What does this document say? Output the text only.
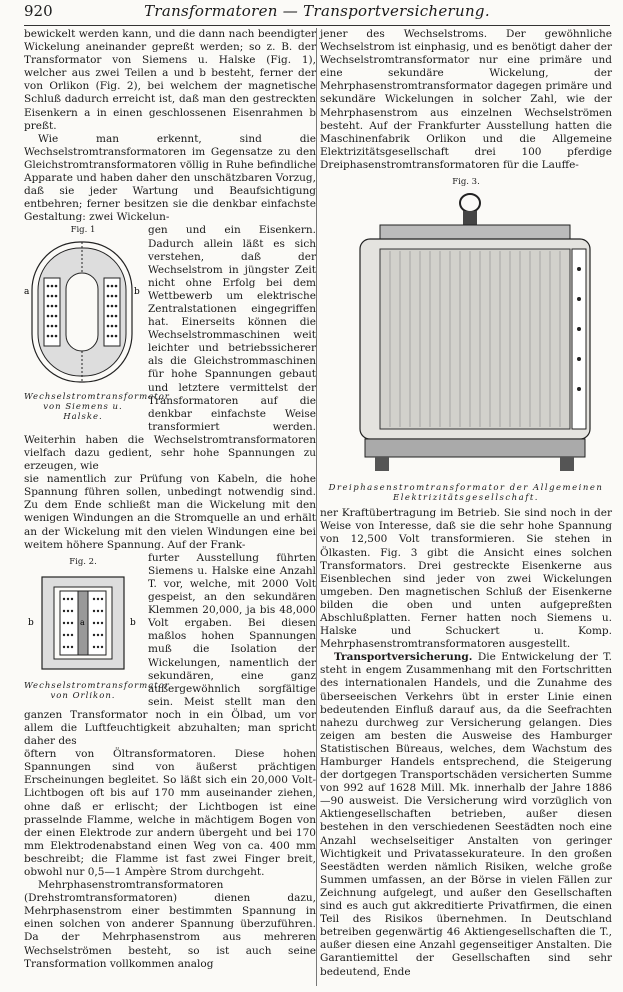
920	Transformatoren — Transportversicherung.

bewickelt werden kann, und die dann nach beendigter Wickelung aneinander gepreßt werden; so z. B. der Transformator von Siemens u. Halske (Fig. 1), welcher aus zwei Teilen a und b besteht, ferner der von Orlikon (Fig. 2), bei welchem der magnetische Schluß dadurch erreicht ist, daß man den gestreckten Eisenkern a in einen geschlossenen Eisenrahmen b preßt.

Wie man erkennt, sind die Wechselstromtransformatoren im Gegensatze zu den Gleichstromtransformatoren völlig in Ruhe befindliche Apparate und haben daher den unschätzbaren Vorzug, daß sie jeder Wartung und Beaufsichtigung entbehren; ferner besitzen sie die denkbar einfachste Gestaltung: zwei Wickelun-

Fig. 1
a	b
Wechselstromtransformator von Siemens u. Halske.

gen und ein Eisenkern. Dadurch allein läßt es sich verstehen, daß der Wechselstrom in jüngster Zeit nicht ohne Erfolg bei dem Wettbewerb um elektrische Zentralstationen eingegriffen hat. Einerseits können die Wechselstrommaschinen weit leichter und betriebssicherer als die Gleichstrommaschinen für hohe Spannungen gebaut und letztere vermittelst der Transformatoren auf die denkbar einfachste Weise transformiert werden. Weiterhin haben die Wechselstromtransformatoren vielfach dazu gedient, sehr hohe Spannungen zu erzeugen, wie

sie namentlich zur Prüfung von Kabeln, die hohe Spannung führen sollen, unbedingt notwendig sind. Zu dem Ende schließt man die Wickelung mit den wenigen Windungen an die Stromquelle an und erhält an der Wickelung mit den vielen Windungen eine bei weitem höhere Spannung. Auf der Frank-

Fig. 2.
a
b	b
Wechselstromtransformator von Orlikon.

furter Ausstellung führten Siemens u. Halske eine Anzahl T. vor, welche, mit 2000 Volt gespeist, an den sekundären Klemmen 20,000, ja bis 48,000 Volt ergaben. Bei diesen maßlos hohen Spannungen muß die Isolation der Wickelungen, namentlich der sekundären, eine ganz außergewöhnlich sorgfältige sein. Meist stellt man den ganzen Transformator noch in ein Ölbad, um vor allem die Luftfeuchtigkeit abzuhalten; man spricht daher des

öftern von Öltransformatoren. Diese hohen Spannungen sind von äußerst prächtigen Erscheinungen begleitet. So läßt sich ein 20,000 Volt-Lichtbogen oft bis auf 170 mm auseinander ziehen, ohne daß er erlischt; der Lichtbogen ist eine prasselnde Flamme, welche in mächtigem Bogen von der einen Elektrode zur andern übergeht und bei 170 mm Elektrodenabstand einen Weg von ca. 400 mm beschreibt; die Flamme ist fast zwei Finger breit, obwohl nur 0,5—1 Ampère Strom durchgeht.

Mehrphasenstromtransformatoren (Drehstromtransformatoren) dienen dazu, Mehrphasenstrom einer bestimmten Spannung in einen solchen von anderer Spannung überzuführen. Da der Mehrphasenstrom aus mehreren Wechselströmen besteht, so ist auch seine Transformation vollkommen analog

jener des Wechselstroms. Der gewöhnliche Wechselstrom ist einphasig, und es benötigt daher der Wechselstromtransformator nur eine primäre und eine sekundäre Wickelung, der Mehrphasenstromtransformator dagegen primäre und sekundäre Wickelungen in solcher Zahl, wie der Mehrphasenstrom aus einzelnen Wechselströmen besteht. Auf der Frankfurter Ausstellung hatten die Maschinenfabrik Orlikon und die Allgemeine Elektrizitätsgesellschaft drei 100 pferdige Dreiphasenstromtransformatoren für die Lauffe-

Fig. 3.
Dreiphasenstromtransformator der Allgemeinen Elektrizitätsgesellschaft.

ner Kraftübertragung im Betrieb. Sie sind noch in der Weise von Interesse, daß sie die sehr hohe Spannung von 12,500 Volt transformieren. Sie stehen in Ölkasten. Fig. 3 gibt die Ansicht eines solchen Transformators. Drei gestreckte Eisenkerne aus Eisenblechen sind jeder von zwei Wickelungen umgeben. Den magnetischen Schluß der Eisenkerne bilden die oben und unten aufgepreßten Abschlußplatten. Ferner hatten noch Siemens u. Halske und Schuckert u. Komp. Mehrphasenstromtransformatoren ausgestellt.

Transportversicherung. Die Entwickelung der T. steht in engem Zusammenhang mit den Fortschritten des internationalen Handels, und die Zunahme des überseeischen Verkehrs übt in erster Linie einen bedeutenden Einfluß darauf aus, da die Seefrachten nahezu durchweg zur Versicherung gelangen. Dies zeigen am besten die Ausweise des Hamburger Statistischen Büreaus, welches, dem Wachstum des Hamburger Handels entsprechend, die Steigerung der dortgegen Transportschäden versicherten Summe von 992 auf 1628 Mill. Mk. innerhalb der Jahre 1886—90 ausweist. Die Versicherung wird vorzüglich von Aktiengesellschaften betrieben, außer diesen bestehen in den verschiedenen Seestädten noch eine Anzahl wechselseitiger Anstalten von geringer Wichtigkeit und Privatassekurateure. In den großen Seestädten werden nämlich Risiken, welche große Summen umfassen, an der Börse in vielen Fällen zur Zeichnung aufgelegt, und außer den Gesellschaften sind es auch gut akkreditierte Privatfirmen, die einen Teil des Risikos übernehmen. In Deutschland betreiben gegenwärtig 46 Aktiengesellschaften die T., außer diesen eine Anzahl gegenseitiger Anstalten. Die Garantiemittel der Gesellschaften sind sehr bedeutend, Ende
